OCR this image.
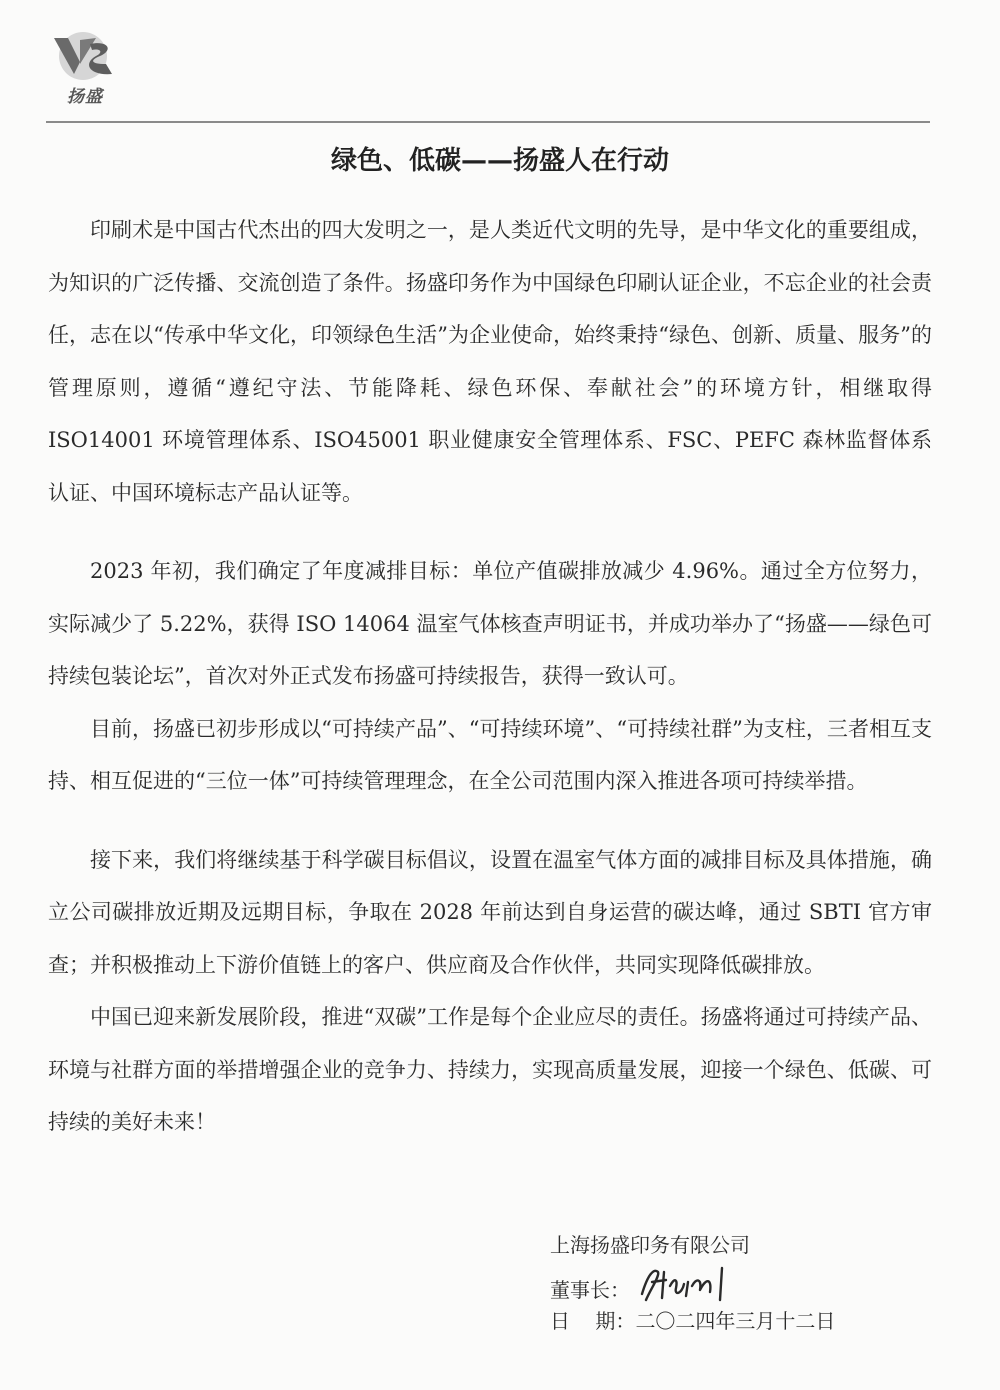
扬盛
绿色、低碳——扬盛人在行动

印刷术是中国古代杰出的四大发明之一，是人类近代文明的先导，是中华文化的重要组成，为知识的广泛传播、交流创造了条件。扬盛印务作为中国绿色印刷认证企业，不忘企业的社会责任，志在以“传承中华文化，印领绿色生活”为企业使命，始终秉持“绿色、创新、质量、服务”的管理原则，遵循“遵纪守法、节能降耗、绿色环保、奉献社会”的环境方针，相继取得 ISO14001 环境管理体系、ISO45001 职业健康安全管理体系、FSC、PEFC 森林监督体系认证、中国环境标志产品认证等。

2023 年初，我们确定了年度减排目标：单位产值碳排放减少 4.96%。通过全方位努力，实际减少了 5.22%，获得 ISO 14064 温室气体核查声明证书，并成功举办了“扬盛——绿色可持续包装论坛”，首次对外正式发布扬盛可持续报告，获得一致认可。

目前，扬盛已初步形成以“可持续产品”、“可持续环境”、“可持续社群”为支柱，三者相互支持、相互促进的“三位一体”可持续管理理念，在全公司范围内深入推进各项可持续举措。

接下来，我们将继续基于科学碳目标倡议，设置在温室气体方面的减排目标及具体措施，确立公司碳排放近期及远期目标，争取在 2028 年前达到自身运营的碳达峰，通过 SBTI 官方审查；并积极推动上下游价值链上的客户、供应商及合作伙伴，共同实现降低碳排放。

中国已迎来新发展阶段，推进“双碳”工作是每个企业应尽的责任。扬盛将通过可持续产品、环境与社群方面的举措增强企业的竞争力、持续力，实现高质量发展，迎接一个绿色、低碳、可持续的美好未来！

上海扬盛印务有限公司
董事长：
日    期：二〇二四年三月十二日
